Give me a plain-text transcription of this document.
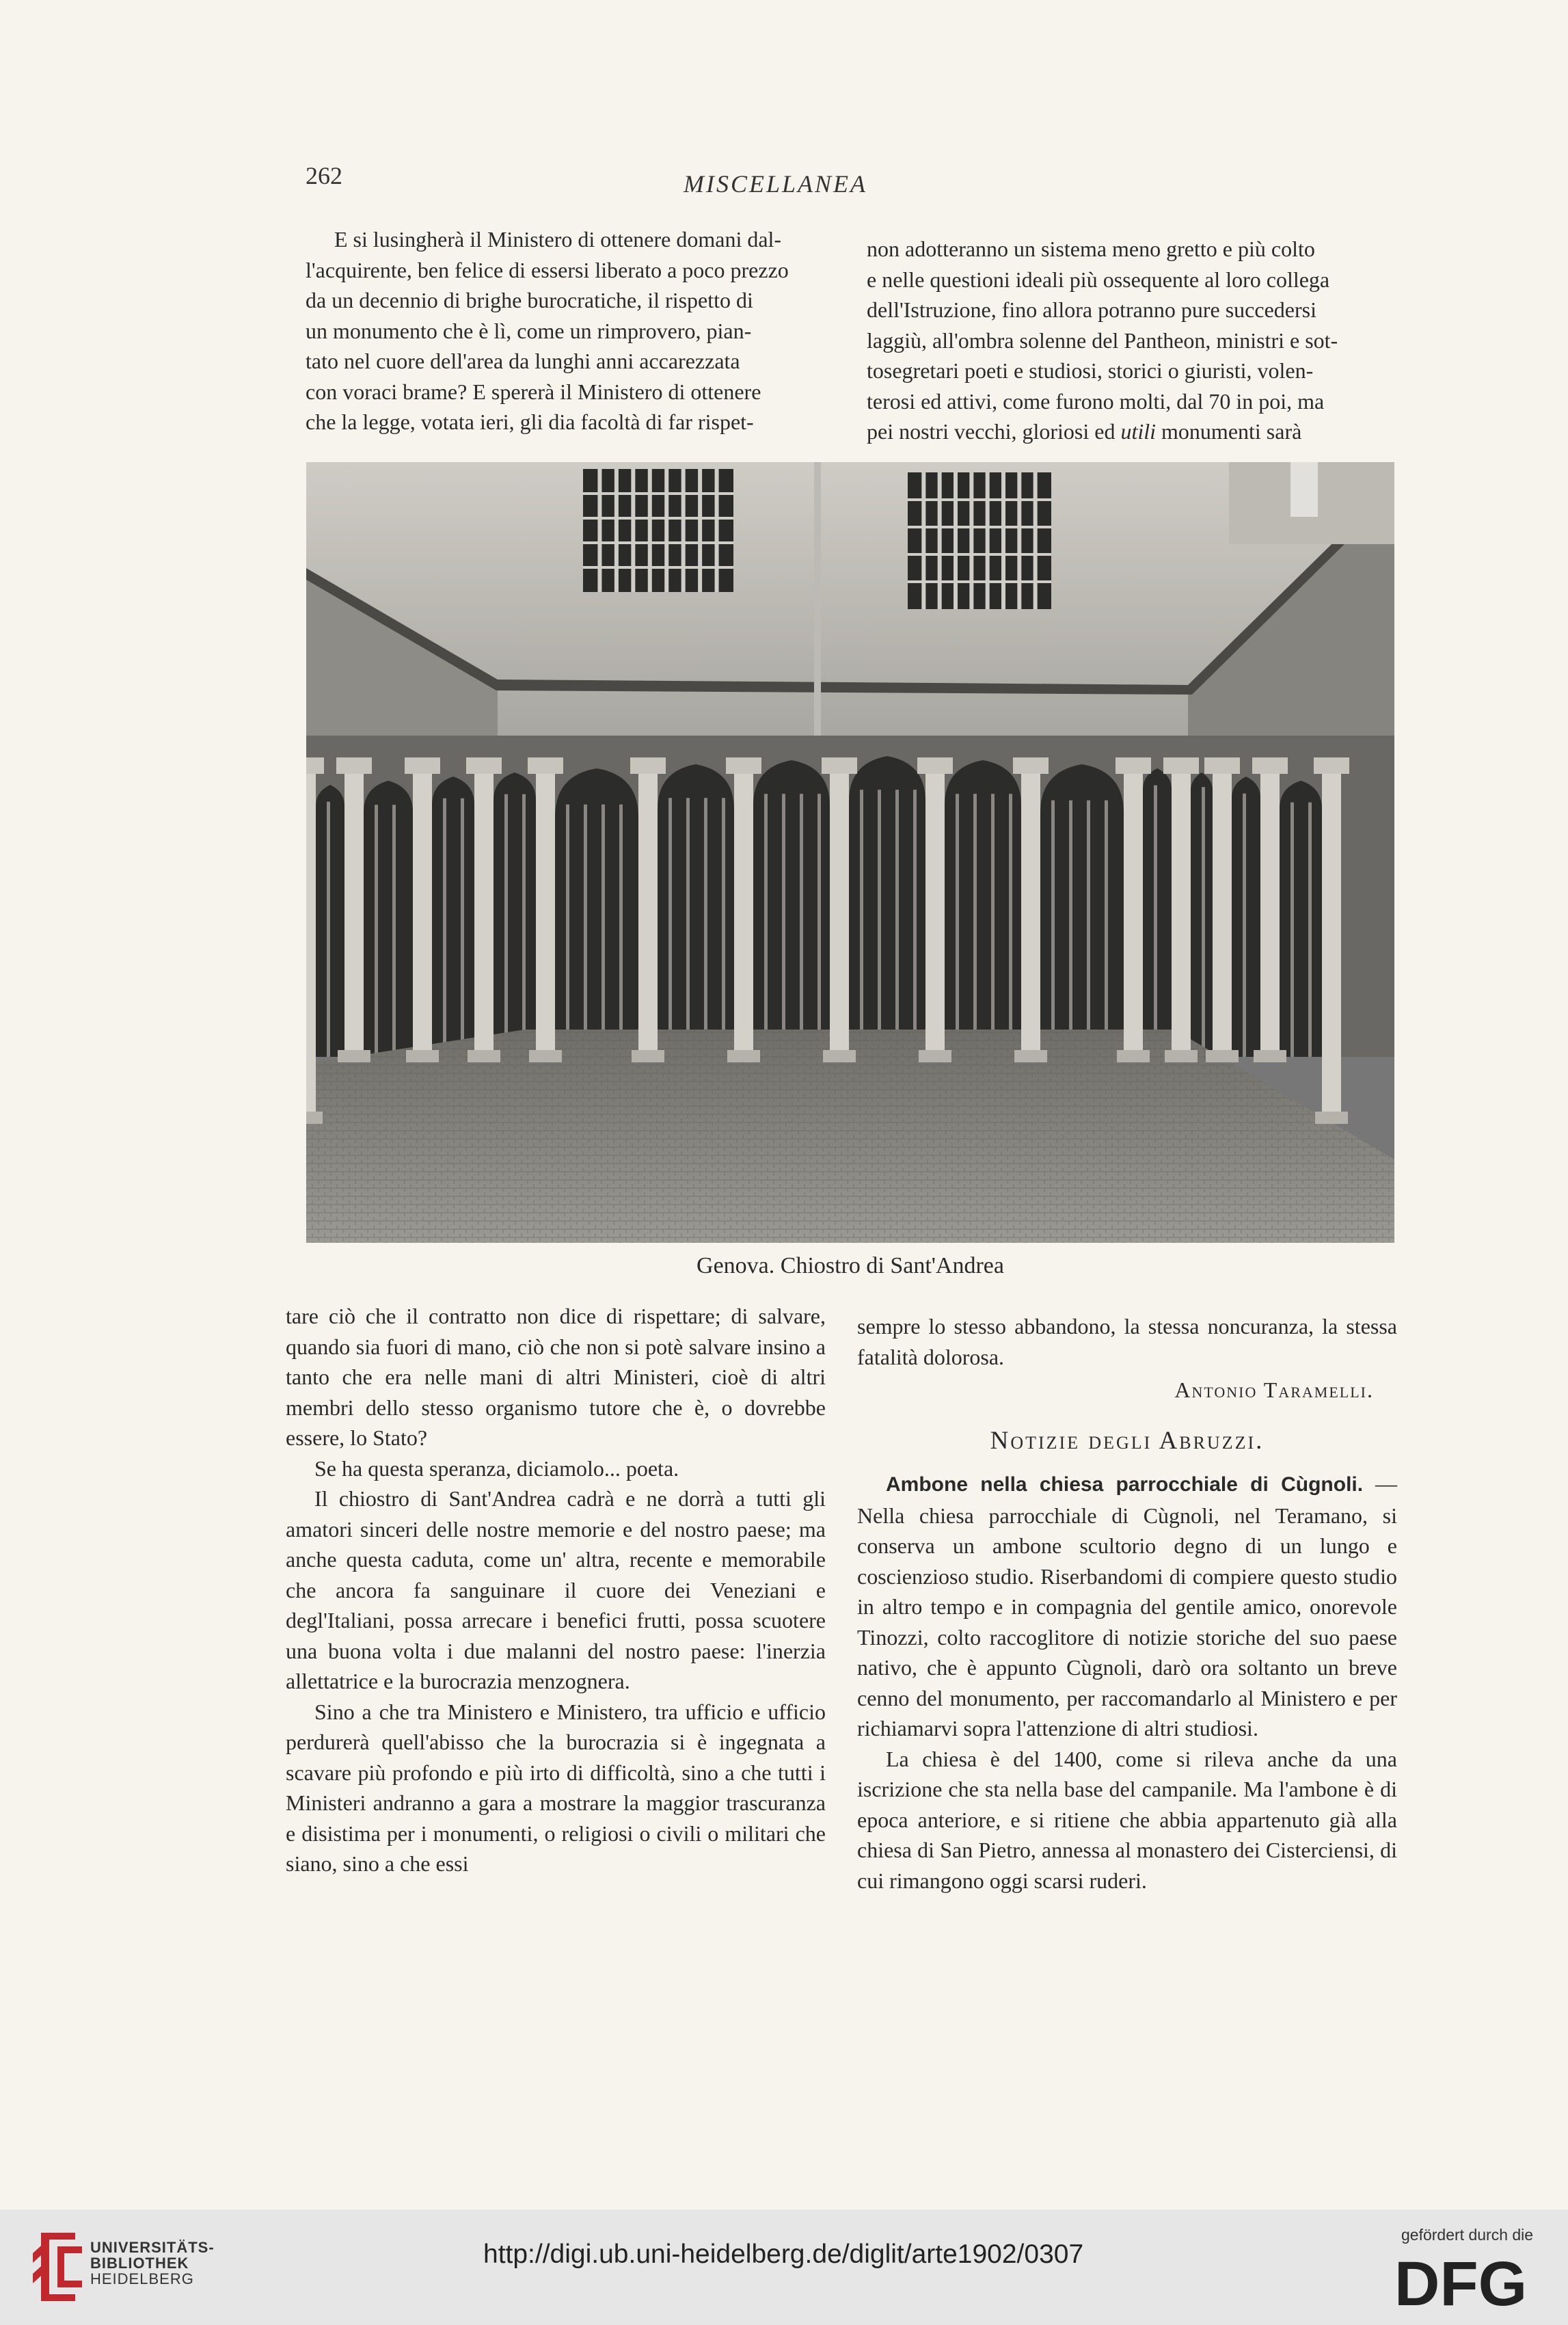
262	MISCELLANEA
E si lusingherà il Ministero di ottenere domani dal-
l'acquirente, ben felice di essersi liberato a poco prezzo
da un decennio di brighe burocratiche, il rispetto di
un monumento che è lì, come un rimprovero, pian-
tato nel cuore dell'area da lunghi anni accarezzata
con voraci brame? E spererà il Ministero di ottenere
che la legge, votata ieri, gli dia facoltà di far rispet-
non adotteranno un sistema meno gretto e più colto
e nelle questioni ideali più ossequente al loro collega
dell'Istruzione, fino allora potranno pure succedersi
laggiù, all'ombra solenne del Pantheon, ministri e sot-
tosegretari poeti e studiosi, storici o giuristi, volen-
terosi ed attivi, come furono molti, dal 70 in poi, ma
pei nostri vecchi, gloriosi ed utili monumenti sarà
Genova. Chiostro di Sant'Andrea

tare ciò che il contratto non dice di rispettare; di salvare, quando sia fuori di mano, ciò che non si potè salvare insino a tanto che era nelle mani di altri Ministeri, cioè di altri membri dello stesso organismo tutore che è, o dovrebbe essere, lo Stato?

Se ha questa speranza, diciamolo... poeta.

Il chiostro di Sant'Andrea cadrà e ne dorrà a tutti gli amatori sinceri delle nostre memorie e del nostro paese; ma anche questa caduta, come un' altra, recente e memorabile che ancora fa sanguinare il cuore dei Veneziani e degl'Italiani, possa arrecare i benefici frutti, possa scuotere una buona volta i due malanni del nostro paese: l'inerzia allettatrice e la burocrazia menzognera.

Sino a che tra Ministero e Ministero, tra ufficio e ufficio perdurerà quell'abisso che la burocrazia si è ingegnata a scavare più profondo e più irto di difficoltà, sino a che tutti i Ministeri andranno a gara a mostrare la maggior trascuranza e disistima per i monumenti, o religiosi o civili o militari che siano, sino a che essi

sempre lo stesso abbandono, la stessa noncuranza, la stessa fatalità dolorosa.

Antonio Taramelli.

Notizie degli Abruzzi.

Ambone nella chiesa parrocchiale di Cùgnoli. — Nella chiesa parrocchiale di Cùgnoli, nel Teramano, si conserva un ambone scultorio degno di un lungo e coscienzioso studio. Riserbandomi di compiere questo studio in altro tempo e in compagnia del gentile amico, onorevole Tinozzi, colto raccoglitore di notizie storiche del suo paese nativo, che è appunto Cùgnoli, darò ora soltanto un breve cenno del monumento, per raccomandarlo al Ministero e per richiamarvi sopra l'attenzione di altri studiosi.

La chiesa è del 1400, come si rileva anche da una iscrizione che sta nella base del campanile. Ma l'ambone è di epoca anteriore, e si ritiene che abbia appartenuto già alla chiesa di San Pietro, annessa al monastero dei Cisterciensi, di cui rimangono oggi scarsi ruderi.

UNIVERSITÄTS-
BIBLIOTHEK
HEIDELBERG
http://digi.ub.uni-heidelberg.de/diglit/arte1902/0307
gefördert durch die
DFG
